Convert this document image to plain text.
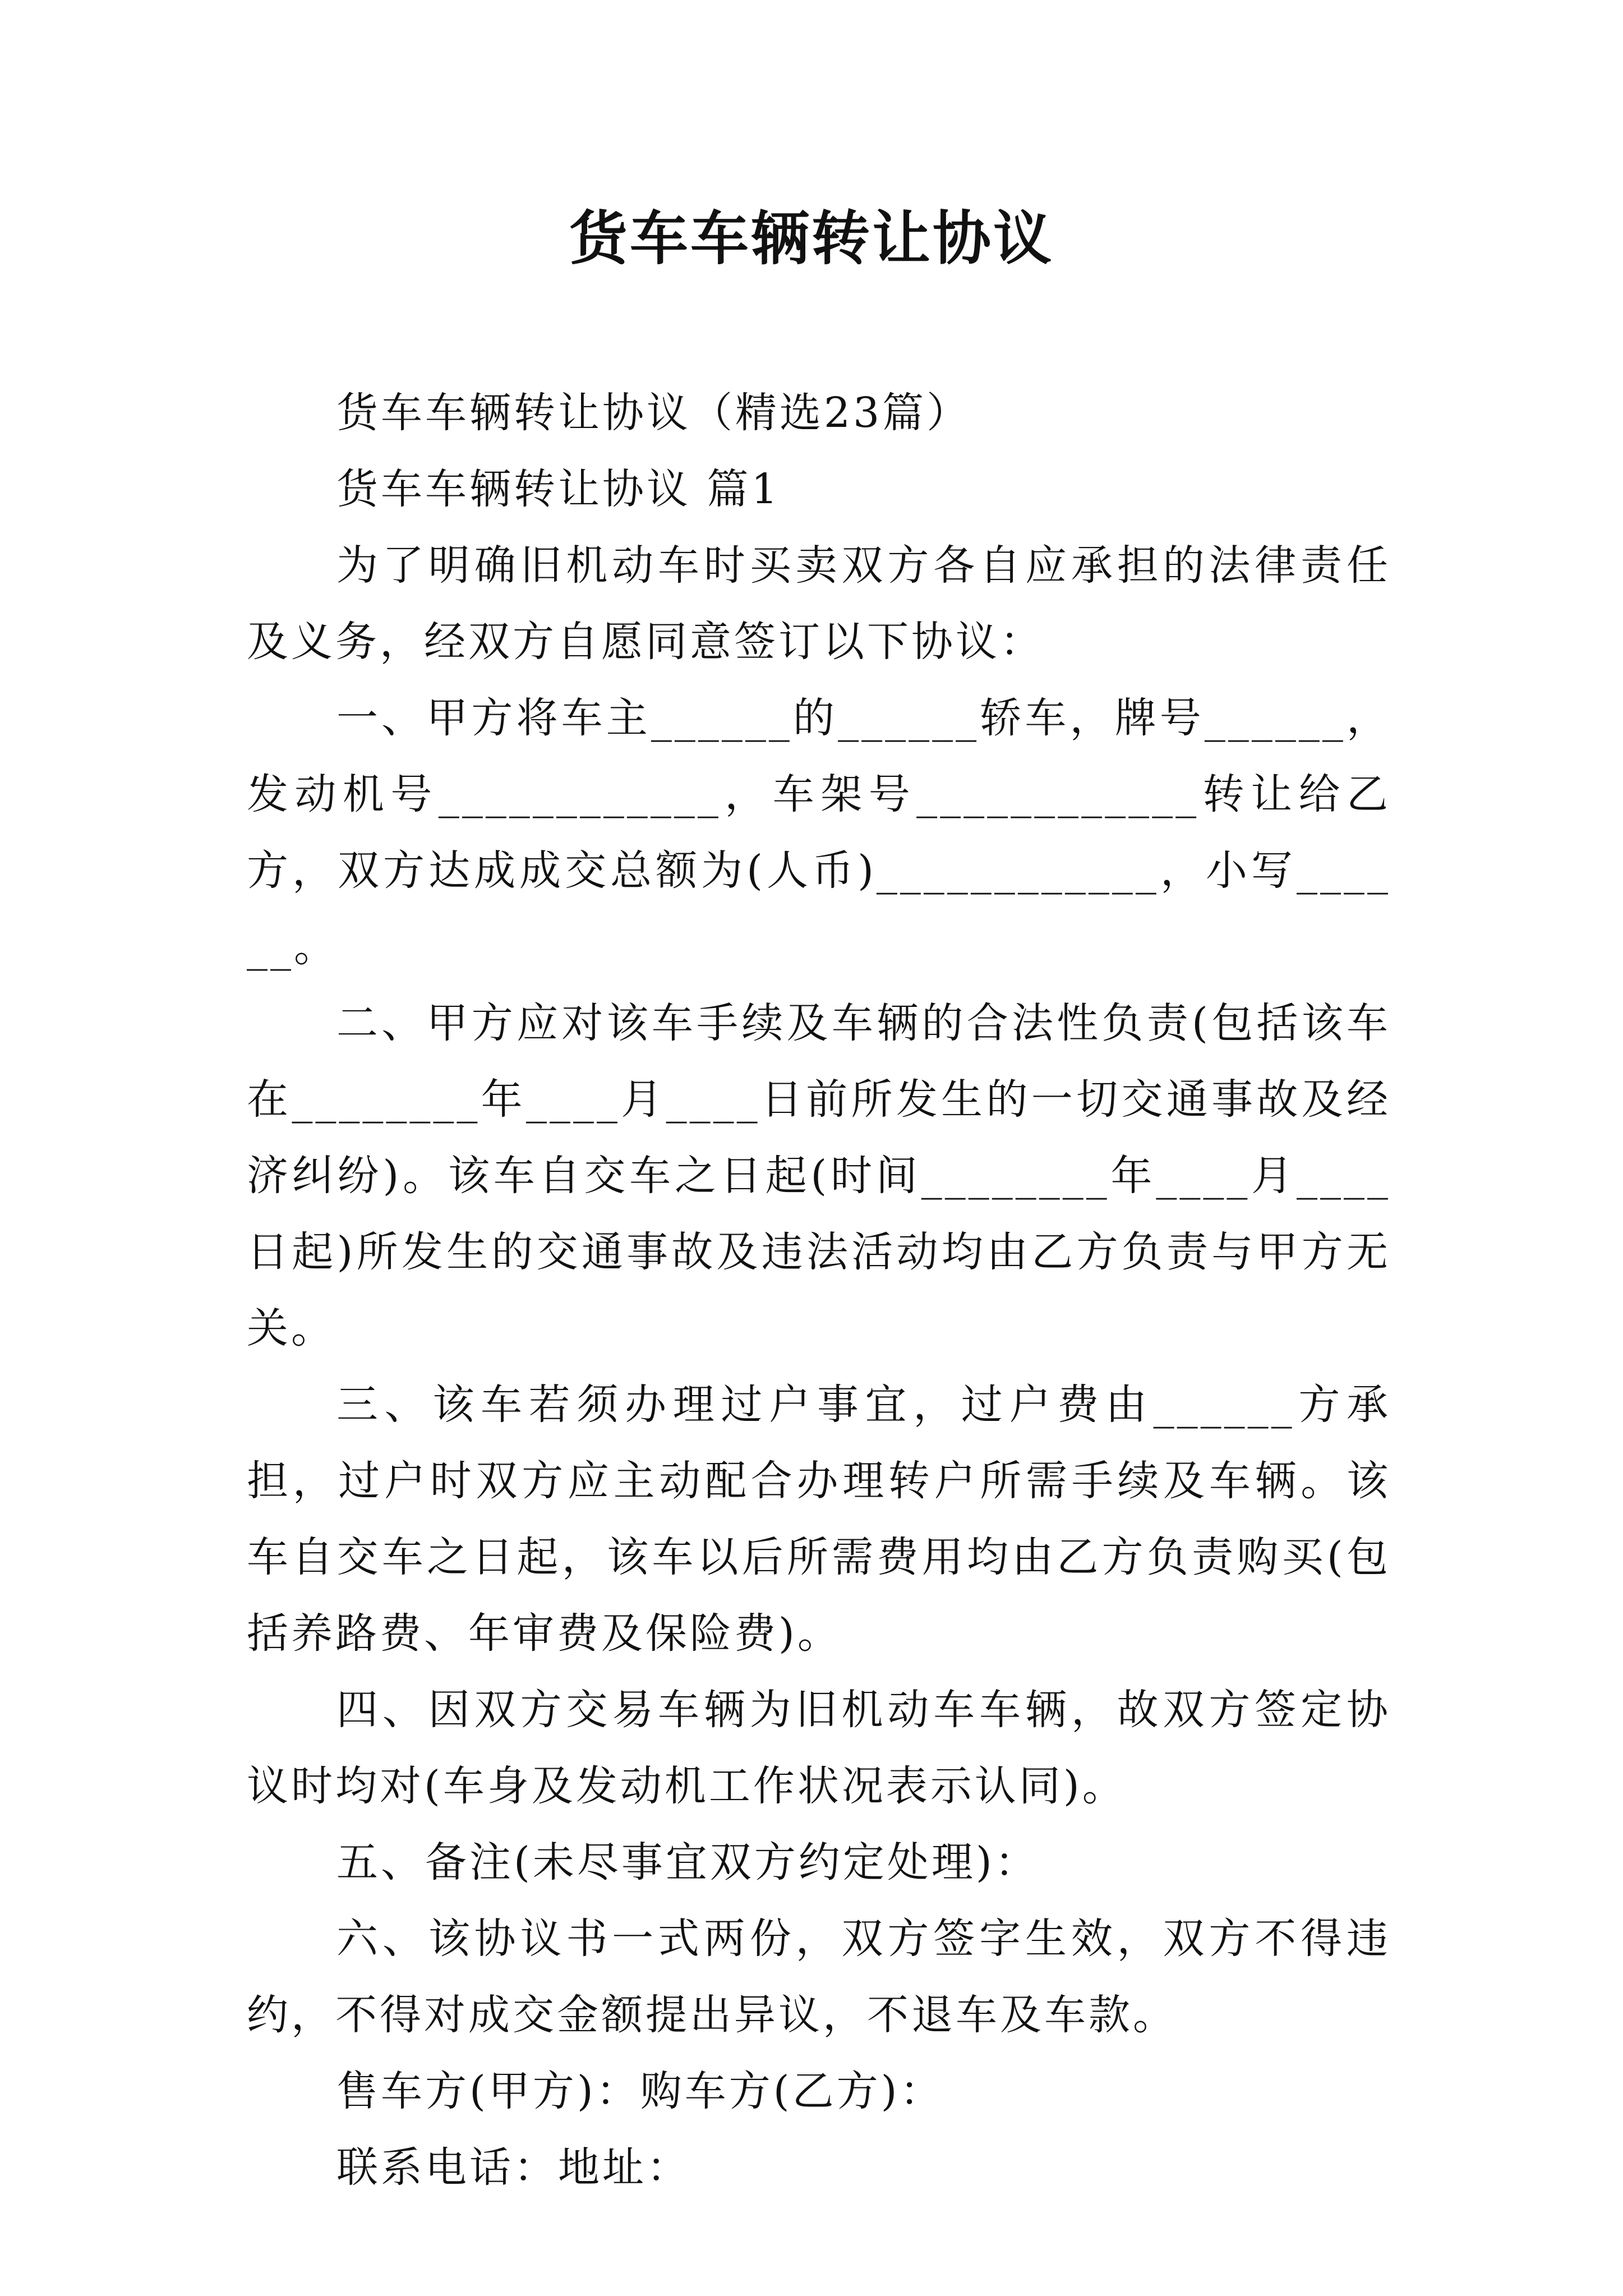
货车车辆转让协议

货车车辆转让协议（精选23篇）

货车车辆转让协议 篇1

为了明确旧机动车时买卖双方各自应承担的法律责任及义务，经双方自愿同意签订以下协议：

一、甲方将车主______的______轿车，牌号______，发动机号____________，车架号____________转让给乙方，双方达成成交总额为(人币)____________，小写______。

二、甲方应对该车手续及车辆的合法性负责(包括该车在________年____月____日前所发生的一切交通事故及经济纠纷)。该车自交车之日起(时间________年____月____日起)所发生的交通事故及违法活动均由乙方负责与甲方无关。

三、该车若须办理过户事宜，过户费由______方承担，过户时双方应主动配合办理转户所需手续及车辆。该车自交车之日起，该车以后所需费用均由乙方负责购买(包括养路费、年审费及保险费)。

四、因双方交易车辆为旧机动车车辆，故双方签定协议时均对(车身及发动机工作状况表示认同)。

五、备注(未尽事宜双方约定处理)：

六、该协议书一式两份，双方签字生效，双方不得违约，不得对成交金额提出异议，不退车及车款。

售车方(甲方)：购车方(乙方)：

联系电话：地址：
